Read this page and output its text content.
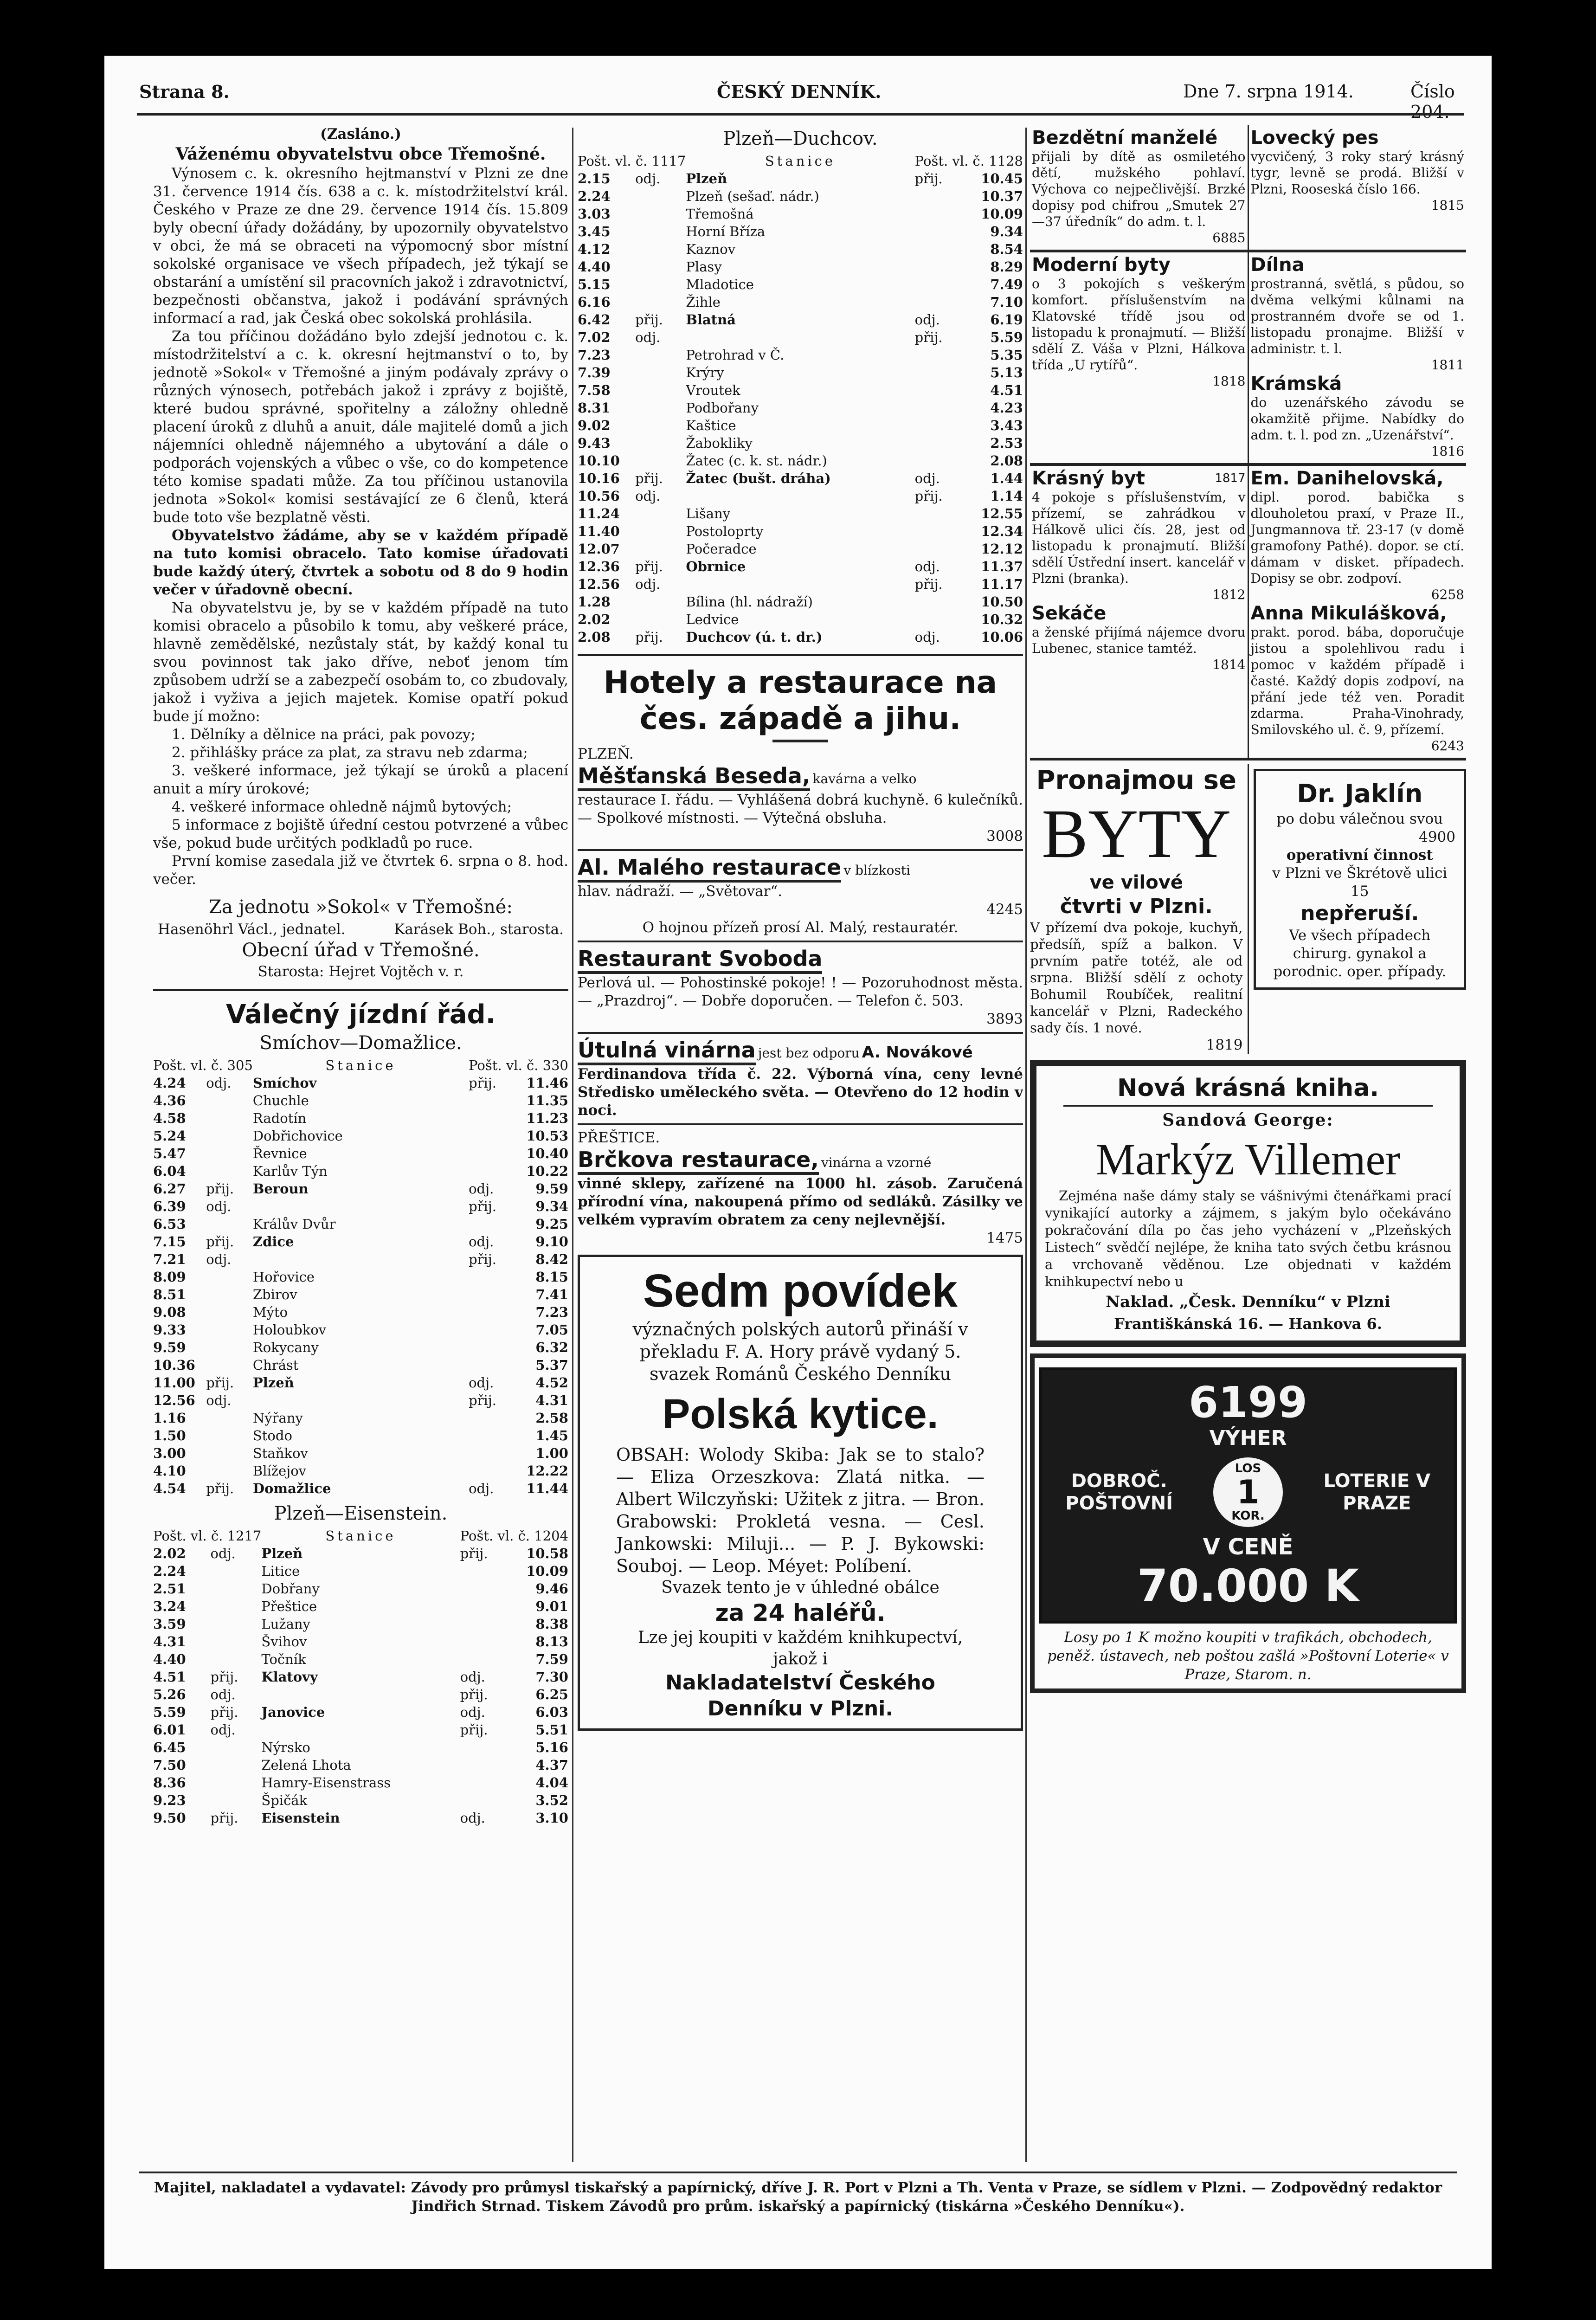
Strana 8.	ČESKÝ DENNÍK.	Dne 7. srpna 1914.	Číslo 204.

(Zasláno.)

Váženému obyvatelstvu obce Třemošné.

Výnosem c. k. okresního hejtmanství v Plzni ze dne 31. července 1914 čís. 638 a c. k. místodržitelství král. Českého v Praze ze dne 29. července 1914 čís. 15.809 byly obecní úřady dožádány, by upozornily obyvatelstvo v obci, že má se obraceti na výpomocný sbor místní sokolské organisace ve všech případech, jež týkají se obstarání a umístění sil pracovních jakož i zdravotnictví, bezpečnosti občanstva, jakož i podávání správných informací a rad, jak Česká obec sokolská prohlásila.

Za tou příčinou dožádáno bylo zdejší jednotou c. k. místodržitelství a c. k. okresní hejtmanství o to, by jednotě »Sokol« v Třemošné a jiným podávaly zprávy o různých výnosech, potřebách jakož i zprávy z bojiště, které budou správné, spořitelny a záložny ohledně placení úroků z dluhů a anuit, dále majitelé domů a jich nájemníci ohledně nájemného a ubytování a dále o podporách vojenských a vůbec o vše, co do kompetence této komise spadati může. Za tou příčinou ustanovila jednota »Sokol« komisi sestávající ze 6 členů, která bude toto vše bezplatně věsti.

Obyvatelstvo žádáme, aby se v každém případě na tuto komisi obracelo. Tato komise úřadovati bude každý úterý, čtvrtek a sobotu od 8 do 9 hodin večer v úřadovně obecní.

Na obyvatelstvu je, by se v každém případě na tuto komisi obracelo a působilo k tomu, aby veškeré práce, hlavně zemědělské, nezůstaly stát, by každý konal tu svou povinnost tak jako dříve, neboť jenom tím způsobem udrží se a zabezpečí osobám to, co zbudovaly, jakož i vyživa a jejich majetek. Komise opatří pokud bude jí možno:

1. Dělníky a dělnice na práci, pak povozy;

2. přihlášky práce za plat, za stravu neb zdarma;

3. veškeré informace, jež týkají se úroků a placení anuit a míry úrokové;

4. veškeré informace ohledně nájmů bytových;

5 informace z bojiště úřední cestou potvrzené a vůbec vše, pokud bude určitých podkladů po ruce.

První komise zasedala již ve čtvrtek 6. srpna o 8. hod. večer.

Za jednotu »Sokol« v Třemošné:

Hasenöhrl Václ., jednatel.	Karásek Boh., starosta.

Obecní úřad v Třemošné.

Starosta: Hejret Vojtěch v. r.

Válečný jízdní řád.
Smíchov—Domažlice.
Pošt. vl. č. 305		Stanice	Pošt. vl. č. 330	
4.24	odj.	Smíchov	přij.	11.46
4.36		Chuchle		11.35
4.58		Radotín		11.23
5.24		Dobřichovice		10.53
5.47		Řevnice		10.40
6.04		Karlův Týn		10.22
6.27	přij.	Beroun	odj.	9.59
6.39	odj.		přij.	9.34
6.53		Králův Dvůr		9.25
7.15	přij.	Zdice	odj.	9.10
7.21	odj.		přij.	8.42
8.09		Hořovice		8.15
8.51		Zbirov		7.41
9.08		Mýto		7.23
9.33		Holoubkov		7.05
9.59		Rokycany		6.32
10.36		Chrást		5.37
11.00	přij.	Plzeň	odj.	4.52
12.56	odj.		přij.	4.31
1.16		Nýřany		2.58
1.50		Stodo		1.45
3.00		Staňkov		1.00
4.10		Blížejov		12.22
4.54	přij.	Domažlice	odj.	11.44
Plzeň—Eisenstein.
Pošt. vl. č. 1217		Stanice	Pošt. vl. č. 1204	
2.02	odj.	Plzeň	přij.	10.58
2.24		Litice		10.09
2.51		Dobřany		9.46
3.24		Přeštice		9.01
3.59		Lužany		8.38
4.31		Švihov		8.13
4.40		Točník		7.59
4.51	přij.	Klatovy	odj.	7.30
5.26	odj.		přij.	6.25
5.59	přij.	Janovice	odj.	6.03
6.01	odj.		přij.	5.51
6.45		Nýrsko		5.16
7.50		Zelená Lhota		4.37
8.36		Hamry-Eisenstrass		4.04
9.23		Špičák		3.52
9.50	přij.	Eisenstein	odj.	3.10
Plzeň—Duchcov.
Pošt. vl. č. 1117		Stanice	Pošt. vl. č. 1128	
2.15	odj.	Plzeň	přij.	10.45
2.24		Plzeň (sešaď. nádr.)		10.37
3.03		Třemošná		10.09
3.45		Horní Bříza		9.34
4.12		Kaznov		8.54
4.40		Plasy		8.29
5.15		Mladotice		7.49
6.16		Žihle		7.10
6.42	přij.	Blatná	odj.	6.19
7.02	odj.		přij.	5.59
7.23		Petrohrad v Č.		5.35
7.39		Krýry		5.13
7.58		Vroutek		4.51
8.31		Podbořany		4.23
9.02		Kaštice		3.43
9.43		Žabokliky		2.53
10.10		Žatec (c. k. st. nádr.)		2.08
10.16	přij.	Žatec (bušt. dráha)	odj.	1.44
10.56	odj.		přij.	1.14
11.24		Lišany		12.55
11.40		Postoloprty		12.34
12.07		Počeradce		12.12
12.36	přij.	Obrnice	odj.	11.37
12.56	odj.		přij.	11.17
1.28		Bílina (hl. nádraží)		10.50
2.02		Ledvice		10.32
2.08	přij.	Duchcov (ú. t. dr.)	odj.	10.06
Hotely a restaurace na čes. západě a jihu.

PLZEŇ.

Měšťanská Beseda, kavárna a velko

restaurace I. řádu. — Vyhlášená dobrá kuchyně. 6 kulečníků. — Spolkové místnosti. — Výtečná obsluha.

3008

Al. Malého restaurace v blízkosti

hlav. nádraží. — „Světovar“.

4245

O hojnou přízeň prosí Al. Malý, restauratér.

Restaurant Svoboda

Perlová ul. — Pohostinské pokoje! ! — Pozoruhodnost města. — „Prazdroj“. — Dobře doporučen. — Telefon č. 503.

3893

Útulná vinárna jest bez odporu A. Novákové

Ferdinandova třída č. 22. Výborná vína, ceny levné Středisko uměleckého světa. — Otevřeno do 12 hodin v noci.

PŘEŠTICE.

Brčkova restaurace, vinárna a vzorné

vinné sklepy, zařízené na 1000 hl. zásob. Zaručená přírodní vína, nakoupená přímo od sedláků. Zásilky ve velkém vypravím obratem za ceny nejlevnější.

1475

Sedm povídek

význačných polských autorů přináší v překladu F. A. Hory právě vydaný 5. svazek Románů Českého Denníku

Polská kytice.

OBSAH: Wolody Skiba: Jak se to stalo? — Eliza Orzeszkova: Zlatá nitka. — Albert Wilczyňski: Užitek z jitra. — Bron. Grabowski: Prokletá vesna. — Cesl. Jankowski: Miluji... — P. J. Bykowski: Souboj. — Leop. Méyet: Políbení.

Svazek tento je v úhledné obálce

za 24 haléřů.

Lze jej koupiti v každém knihkupectví, jakož i

Nakladatelství Českého Denníku v Plzni.

Bezdětní manželé

přijali by dítě as osmiletého dětí, mužského pohlaví. Výchova co nejpečlivější. Brzké dopisy pod chifrou „Smutek 27—37 úředník“ do adm. t. l.

6885

Lovecký pes

vycvičený, 3 roky starý krásný tygr, levně se prodá. Bližší v Plzni, Rooseská číslo 166.

1815

Moderní byty

o 3 pokojích s veškerým komfort. příslušenstvím na Klatovské třídě jsou od listopadu k pronajmutí. — Bližší sdělí Z. Váša v Plzni, Hálkova třída „U rytířů“.

1818

Dílna

prostranná, světlá, s půdou, so dvěma velkými kůlnami na prostranném dvoře se od 1. listopadu pronajme. Bližší v administr. t. l.

1811

Krámská

do uzenářského závodu se okamžitě přijme. Nabídky do adm. t. l. pod zn. „Uzenářství“.

1816

Krásný byt	1817

4 pokoje s příslušenstvím, v přízemí, se zahrádkou v Hálkově ulici čís. 28, jest od listopadu k pronajmutí. Bližší sdělí Ústřední insert. kancelář v Plzni (branka).

1812

Sekáče

a ženské přijímá nájemce dvoru Lubenec, stanice tamtéž.

1814

Em. Danihelovská,

dipl. porod. babička s dlouholetou praxí, v Praze II., Jungmannova tř. 23-17 (v domě gramofony Pathé). dopor. se ctí. dámam v disket. případech. Dopisy se obr. zodpoví.

6258

Anna Mikulášková,

prakt. porod. bába, doporučuje jistou a spolehlivou radu i pomoc v každém případě i časté. Každý dopis zodpoví, na přání jede též ven. Poradit zdarma. Praha-Vinohrady, Smilovského ul. č. 9, přízemí.

6243

Pronajmou se

BYTY

ve vilové

čtvrti v Plzni.

V přízemí dva pokoje, kuchyň, předsíň, spíž a balkon. V prvním patře totéž, ale od srpna. Bližší sdělí z ochoty Bohumil Roubíček, realitní kancelář v Plzni, Radeckého sady čís. 1 nové.

1819

Dr. Jaklín

po dobu válečnou svou

4900

operativní činnost

v Plzni ve Škrétově ulici 15

nepřeruší.

Ve všech případech chirurg. gynakol a porodnic. oper. případy.

Nová krásná kniha.

Sandová George:

Markýz Villemer

Zejména naše dámy staly se vášnivými čtenářkami prací vynikající autorky a zájmem, s jakým bylo očekáváno pokračování díla po čas jeho vycházení v „Plzeňských Listech“ svědčí nejlépe, že kniha tato svých četbu krásnou a vrchovaně věděnou. Lze objednati v každém knihkupectví nebo u

Naklad. „Česk. Denníku“ v Plzni

Františkánská 16. — Hankova 6.

6199
VÝHER
DOBROČ. POŠTOVNÍ
LOS
1
KOR.
LOTERIE V PRAZE
V CENĚ
70.000 K

Losy po 1 K možno koupiti v trafikách, obchodech, peněž. ústavech, neb poštou zašlá »Poštovní Loterie« v Praze, Starom. n.

Majitel, nakladatel a vydavatel: Závody pro průmysl tiskařský a papírnický, dříve J. R. Port v Plzni a Th. Venta v Praze, se sídlem v Plzni. — Zodpovědný redaktor Jindřich Strnad. Tiskem Závodů pro prům. iskařský a papírnický (tiskárna »Českého Denníku«).
